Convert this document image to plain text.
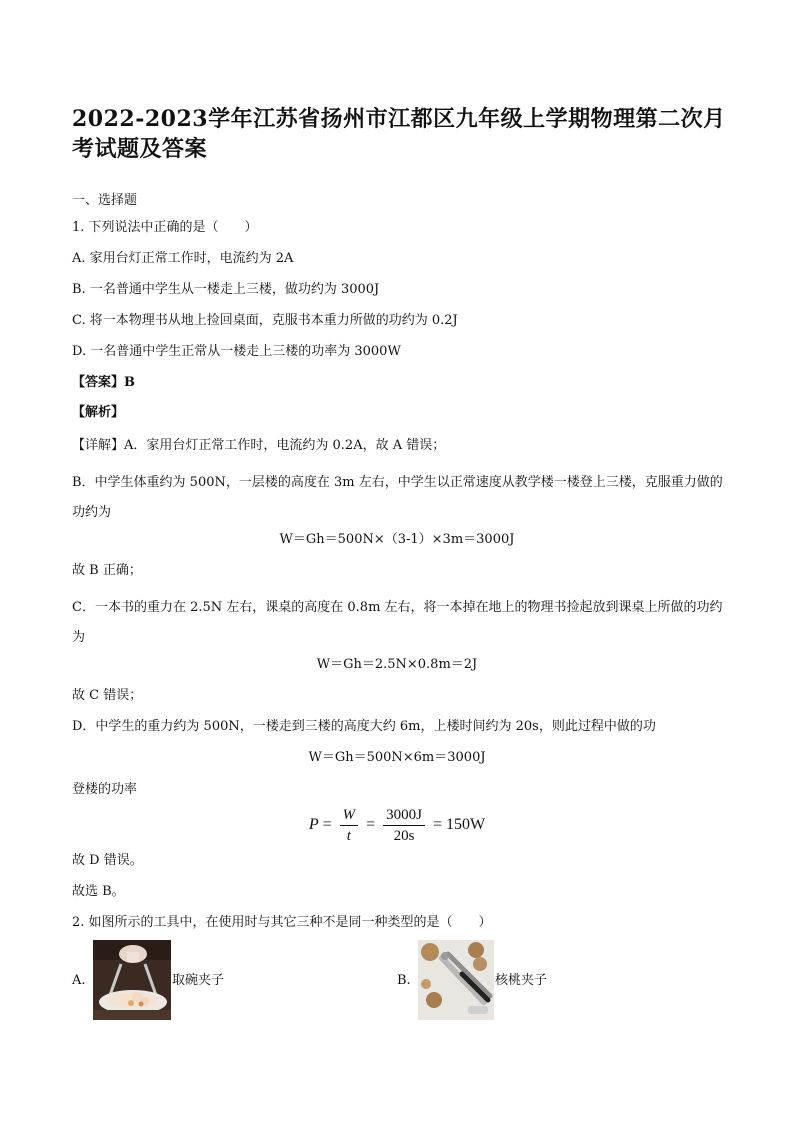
2022-2023学年江苏省扬州市江都区九年级上学期物理第二次月考试题及答案
一、选择题
1. 下列说法中正确的是（　　）
A. 家用台灯正常工作时，电流约为 2A
B. 一名普通中学生从一楼走上三楼，做功约为 3000J
C. 将一本物理书从地上捡回桌面，克服书本重力所做的功约为 0.2J
D. 一名普通中学生正常从一楼走上三楼的功率为 3000W
【答案】B
【解析】
【详解】A．家用台灯正常工作时，电流约为 0.2A，故 A 错误；
B．中学生体重约为 500N，一层楼的高度在 3m 左右，中学生以正常速度从教学楼一楼登上三楼，克服重力做的功约为
W＝Gh＝500N×（3-1）×3m＝3000J
故 B 正确；
C．一本书的重力在 2.5N 左右，课桌的高度在 0.8m 左右，将一本掉在地上的物理书捡起放到课桌上所做的功约为
W＝Gh＝2.5N×0.8m＝2J
故 C 错误；
D．中学生的重力约为 500N，一楼走到三楼的高度大约 6m，上楼时间约为 20s，则此过程中做的功
W＝Gh＝500N×6m＝3000J
登楼的功率
$P = \frac{W}{t} = \frac{3000J}{20s} = 150W$
故 D 错误。
故选 B。
2. 如图所示的工具中，在使用时与其它三种不是同一种类型的是（　　）
A.	取碗夹子	B.	核桃夹子
